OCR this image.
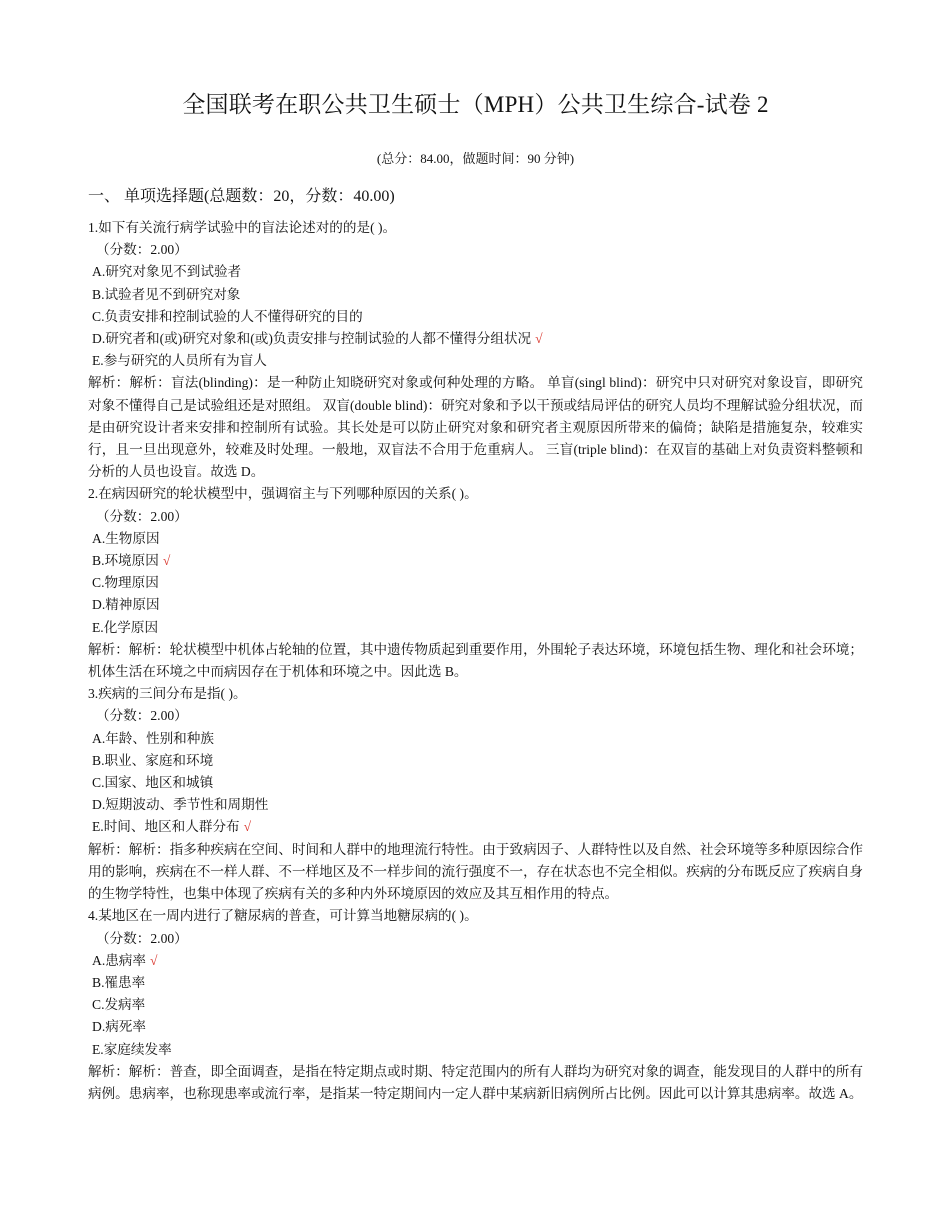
全国联考在职公共卫生硕士（MPH）公共卫生综合-试卷 2
(总分：84.00，做题时间：90 分钟)
一、 单项选择题(总题数：20，分数：40.00)
1.如下有关流行病学试验中的盲法论述对的的是( )。
（分数：2.00）
A.研究对象见不到试验者
B.试验者见不到研究对象
C.负责安排和控制试验的人不懂得研究的目的
D.研究者和(或)研究对象和(或)负责安排与控制试验的人都不懂得分组状况 √
E.参与研究的人员所有为盲人
解析：解析：盲法(blinding)：是一种防止知晓研究对象或何种处理的方略。 单盲(singl blind)：研究中只对研究对象设盲，即研究对象不懂得自己是试验组还是对照组。 双盲(double blind)：研究对象和予以干预或结局评估的研究人员均不理解试验分组状况，而是由研究设计者来安排和控制所有试验。其长处是可以防止研究对象和研究者主观原因所带来的偏倚；缺陷是措施复杂，较难实行，且一旦出现意外，较难及时处理。一般地，双盲法不合用于危重病人。 三盲(triple blind)：在双盲的基础上对负责资料整顿和分析的人员也设盲。故选 D。
2.在病因研究的轮状模型中，强调宿主与下列哪种原因的关系( )。
（分数：2.00）
A.生物原因
B.环境原因 √
C.物理原因
D.精神原因
E.化学原因
解析：解析：轮状模型中机体占轮轴的位置，其中遗传物质起到重要作用，外围轮子表达环境，环境包括生物、理化和社会环境；机体生活在环境之中而病因存在于机体和环境之中。因此选 B。
3.疾病的三间分布是指( )。
（分数：2.00）
A.年龄、性别和种族
B.职业、家庭和环境
C.国家、地区和城镇
D.短期波动、季节性和周期性
E.时间、地区和人群分布 √
解析：解析：指多种疾病在空间、时间和人群中的地理流行特性。由于致病因子、人群特性以及自然、社会环境等多种原因综合作用的影响，疾病在不一样人群、不一样地区及不一样步间的流行强度不一，存在状态也不完全相似。疾病的分布既反应了疾病自身的生物学特性，也集中体现了疾病有关的多种内外环境原因的效应及其互相作用的特点。
4.某地区在一周内进行了糖尿病的普查，可计算当地糖尿病的( )。
（分数：2.00）
A.患病率 √
B.罹患率
C.发病率
D.病死率
E.家庭续发率
解析：解析：普查，即全面调查，是指在特定期点或时期、特定范围内的所有人群均为研究对象的调查，能发现目的人群中的所有病例。患病率，也称现患率或流行率，是指某一特定期间内一定人群中某病新旧病例所占比例。因此可以计算其患病率。故选 A。
